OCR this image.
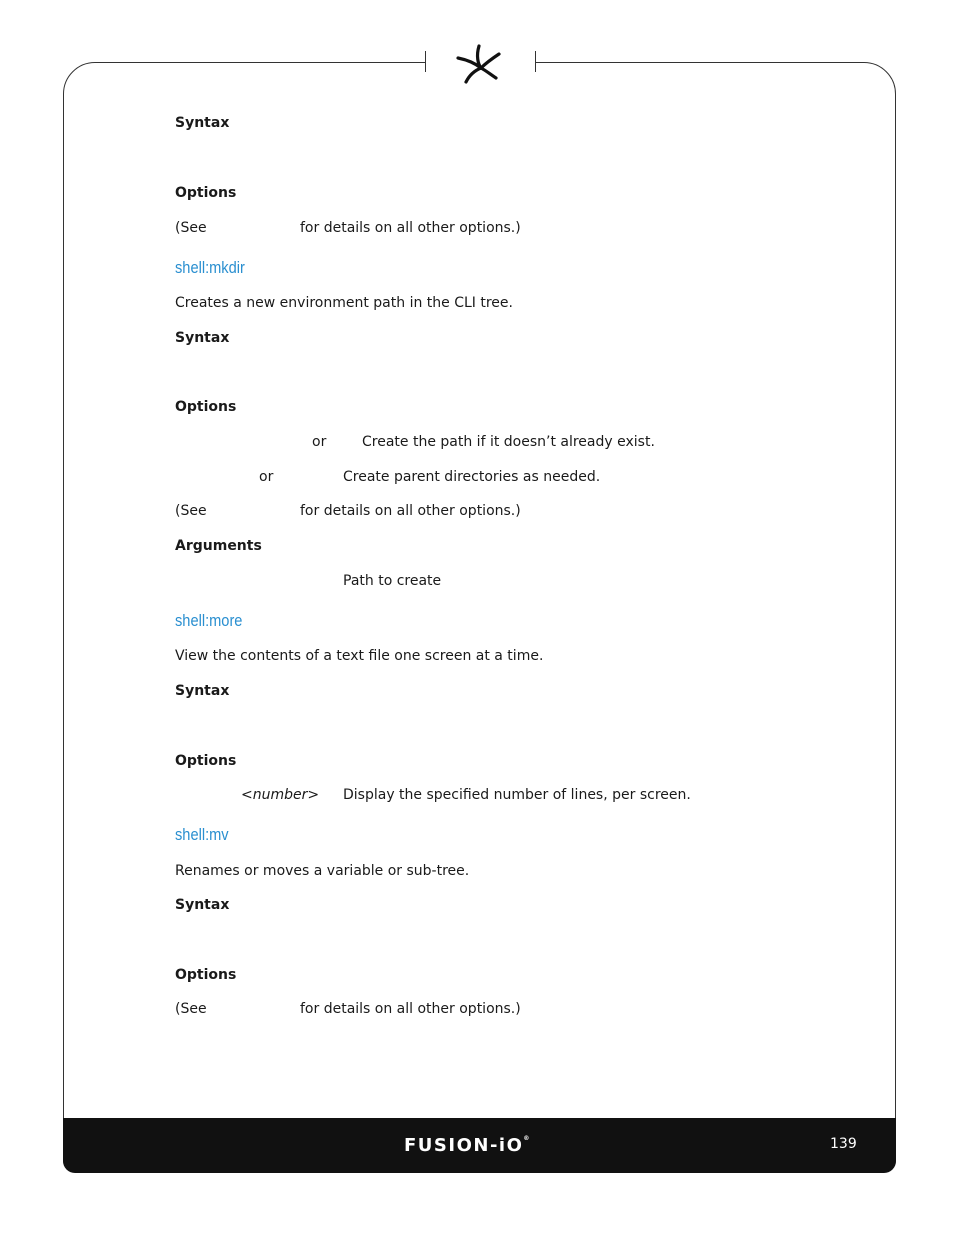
Syntax
Options
(See	for details on all other options.)
shell:mkdir
Creates a new environment path in the CLI tree.
Syntax
Options
or	Create the path if it doesn’t already exist.
or	Create parent directories as needed.
(See	for details on all other options.)
Arguments
Path to create
shell:more
View the contents of a text file one screen at a time.
Syntax
Options
<number> Display the specified number of lines, per screen.
shell:mv
Renames or moves a variable or sub-tree.
Syntax
Options
(See	for details on all other options.)
FUSION-iO®	139
